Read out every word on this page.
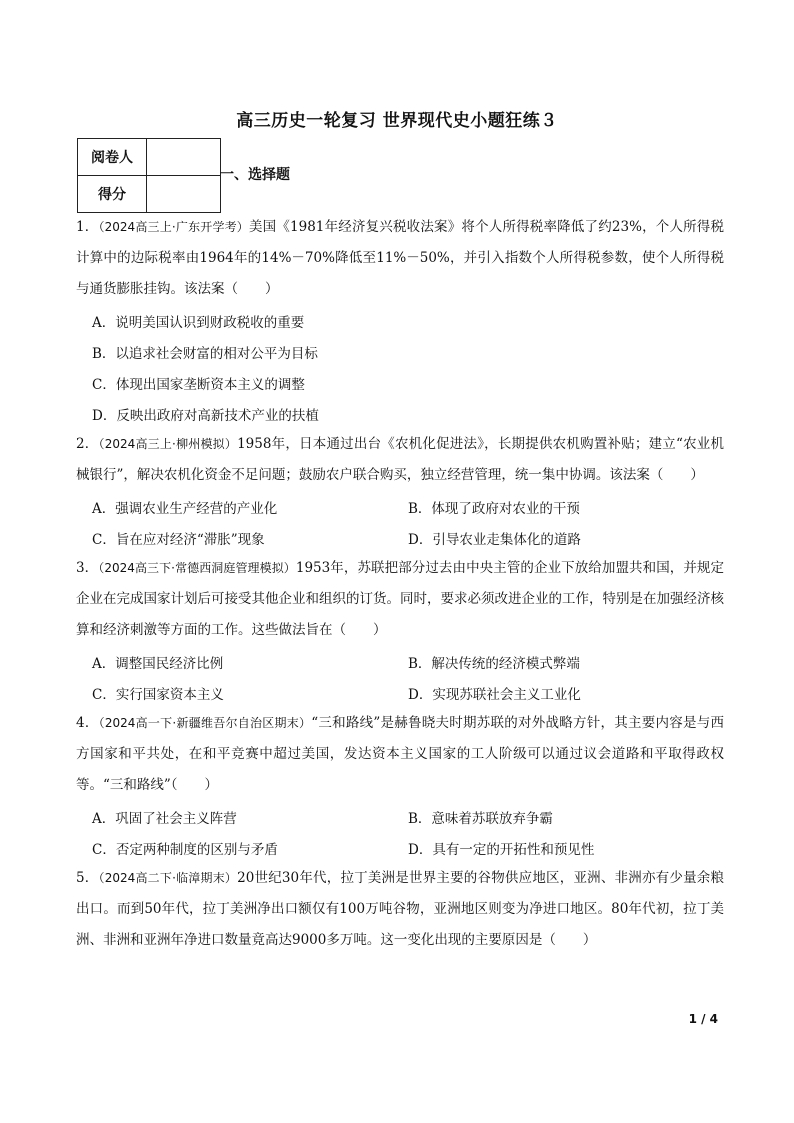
高三历史一轮复习 世界现代史小题狂练３
阅卷人	
得分	
一、选择题

1．（2024高三上·广东开学考）美国《1981年经济复兴税收法案》将个人所得税率降低了约23%，个人所得税计算中的边际税率由1964年的14%－70%降低至11%－50%，并引入指数个人所得税参数，使个人所得税与通货膨胀挂钩。该法案（　　）

A．说明美国认识到财政税收的重要
B．以追求社会财富的相对公平为目标
C．体现出国家垄断资本主义的调整
D．反映出政府对高新技术产业的扶植

2．（2024高三上·柳州模拟）1958年，日本通过出台《农机化促进法》，长期提供农机购置补贴；建立“农业机械银行”，解决农机化资金不足问题；鼓励农户联合购买，独立经营管理，统一集中协调。该法案（　　）

A．强调农业生产经营的产业化	B．体现了政府对农业的干预
C．旨在应对经济“滞胀”现象	D．引导农业走集体化的道路

3．（2024高三下·常德西洞庭管理模拟）1953年，苏联把部分过去由中央主管的企业下放给加盟共和国，并规定企业在完成国家计划后可接受其他企业和组织的订货。同时，要求必须改进企业的工作，特别是在加强经济核算和经济刺激等方面的工作。这些做法旨在（　　）

A．调整国民经济比例	B．解决传统的经济模式弊端
C．实行国家资本主义	D．实现苏联社会主义工业化

4．（2024高一下·新疆维吾尔自治区期末）“三和路线”是赫鲁晓夫时期苏联的对外战略方针，其主要内容是与西方国家和平共处，在和平竞赛中超过美国，发达资本主义国家的工人阶级可以通过议会道路和平取得政权等。“三和路线”（　　）

A．巩固了社会主义阵营	B．意味着苏联放弃争霸
C．否定两种制度的区别与矛盾	D．具有一定的开拓性和预见性

5．（2024高二下·临漳期末）20世纪30年代，拉丁美洲是世界主要的谷物供应地区，亚洲、非洲亦有少量余粮出口。而到50年代，拉丁美洲净出口额仅有100万吨谷物，亚洲地区则变为净进口地区。80年代初，拉丁美洲、非洲和亚洲年净进口数量竟高达9000多万吨。这一变化出现的主要原因是（　　）

1 / 4
